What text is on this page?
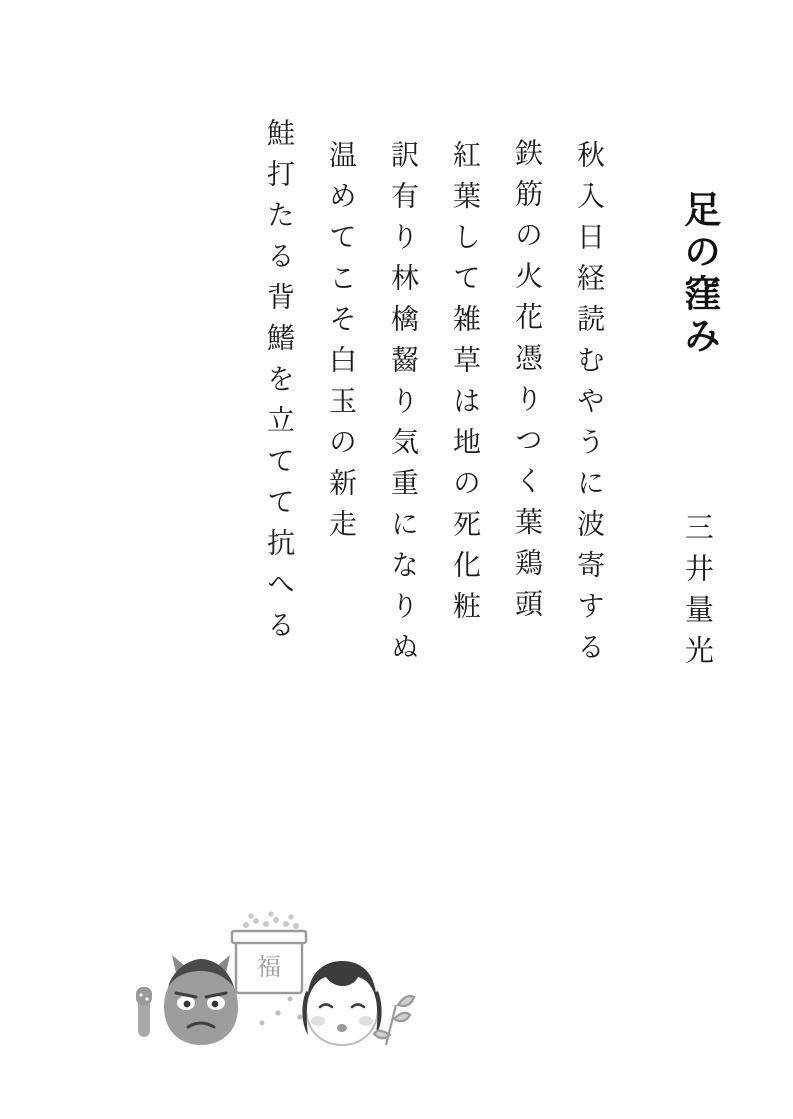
足の窪み
三井量光
秋入日経読むやうに波寄する
鉄筋の火花憑りつく葉鶏頭
紅葉して雑草は地の死化粧
訳有り林檎齧り気重になりぬ
温めてこそ白玉の新走
鮭打たる背鰭を立てて抗へる
福
